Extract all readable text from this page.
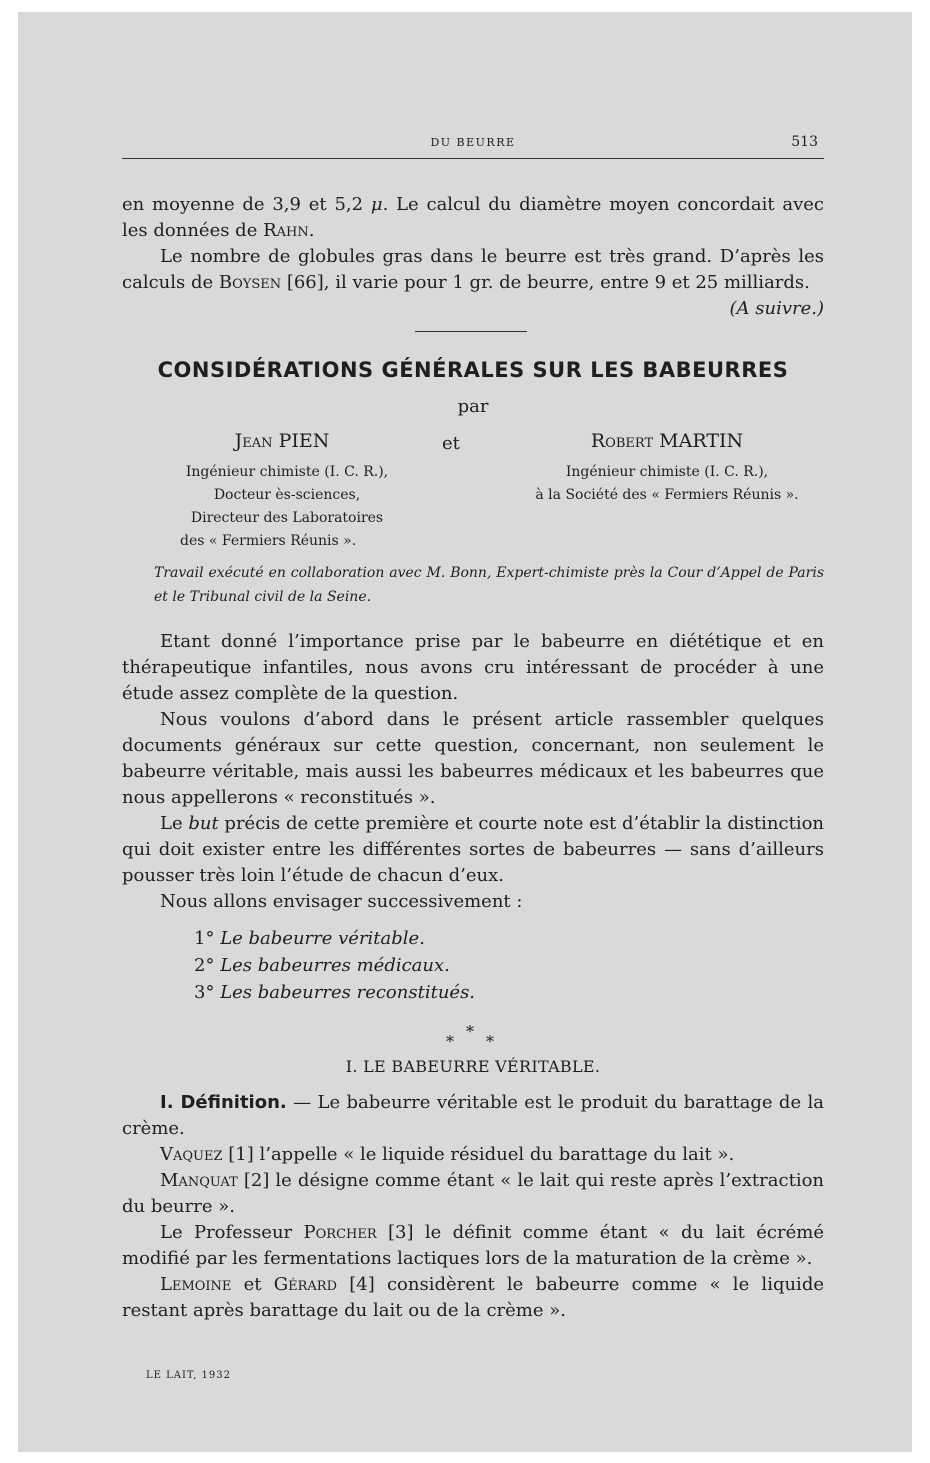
DU BEURRE	513

en moyenne de 3,9 et 5,2 μ. Le calcul du diamètre moyen concordait avec les données de Rahn.

Le nombre de globules gras dans le beurre est très grand. D’après les calculs de Boysen [66], il varie pour 1 gr. de beurre, entre 9 et 25 milliards.
(A suivre.)

CONSIDÉRATIONS GÉNÉRALES SUR LES BABEURRES
par
Jean PIEN	et	Robert MARTIN
Ingénieur chimiste (I. C. R.),
Docteur ès-sciences,
Directeur des Laboratoires
des « Fermiers Réunis ».
Ingénieur chimiste (I. C. R.),
à la Société des « Fermiers Réunis ».
Travail exécuté en collaboration avec M. Bonn, Expert-chimiste près la Cour d’Appel de Paris et le Tribunal civil de la Seine.

Etant donné l’importance prise par le babeurre en diététique et en thérapeutique infantiles, nous avons cru intéressant de procéder à une étude assez complète de la question.

Nous voulons d’abord dans le présent article rassembler quelques documents généraux sur cette question, concernant, non seulement le babeurre véritable, mais aussi les babeurres médicaux et les babeurres que nous appellerons « reconstitués ».

Le but précis de cette première et courte note est d’établir la distinction qui doit exister entre les différentes sortes de babeurres — sans d’ailleurs pousser très loin l’étude de chacun d’eux.

Nous allons envisager successivement :

1° Le babeurre véritable.
2° Les babeurres médicaux.
3° Les babeurres reconstitués.
*
* *
I. LE BABEURRE VÉRITABLE.

I. Définition. — Le babeurre véritable est le produit du barattage de la crème.

Vaquez [1] l’appelle « le liquide résiduel du barattage du lait ».

Manquat [2] le désigne comme étant « le lait qui reste après l’extraction du beurre ».

Le Professeur Porcher [3] le définit comme étant « du lait écrémé modifié par les fermentations lactiques lors de la maturation de la crème ».

Lemoine et Gérard [4] considèrent le babeurre comme « le liquide restant après barattage du lait ou de la crème ».

LE LAIT, 1932
